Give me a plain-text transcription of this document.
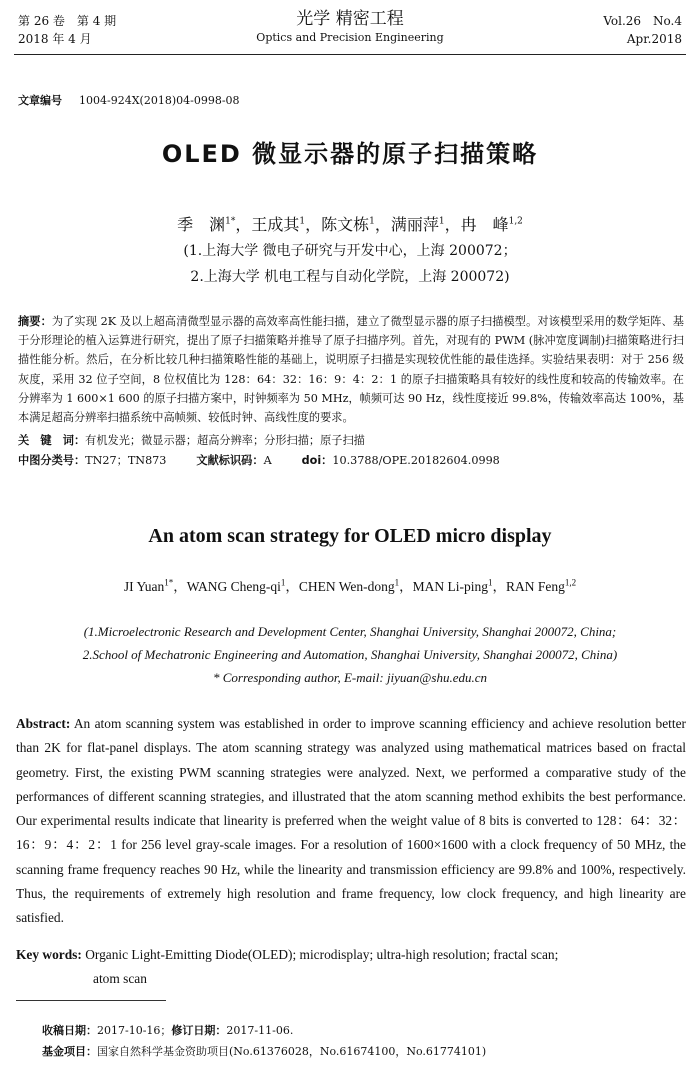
第 26 卷　第 4 期
2018 年 4 月
光学 精密工程
Optics and Precision Engineering
Vol.26　No.4
Apr.2018
文章编号 1004-924X(2018)04-0998-08
OLED 微显示器的原子扫描策略
季　渊$^{1*}$，王成其$^1$，陈文栋$^1$，满丽萍$^1$，冉　峰$^{1,2}$
(1.上海大学 微电子研究与开发中心，上海 200072；
2.上海大学 机电工程与自动化学院，上海 200072)
摘要：为了实现 2K 及以上超高清微型显示器的高效率高性能扫描，建立了微型显示器的原子扫描模型。对该模型采用的数学矩阵、基于分形理论的植入运算进行研究，提出了原子扫描策略并推导了原子扫描序列。首先，对现有的 PWM (脉冲宽度调制)扫描策略进行扫描性能分析。然后，在分析比较几种扫描策略性能的基础上，说明原子扫描是实现较优性能的最佳选择。实验结果表明：对于 256 级灰度，采用 32 位子空间，8 位权值比为 128：64：32：16：9：4：2：1 的原子扫描策略具有较好的线性度和较高的传输效率。在分辨率为 1 600×1 600 的原子扫描方案中，时钟频率为 50 MHz，帧频可达 90 Hz，线性度接近 99.8%，传输效率高达 100%，基本满足超高分辨率扫描系统中高帧频、较低时钟、高线性度的要求。
关　键　词：有机发光；微显示器；超高分辨率；分形扫描；原子扫描
中图分类号：TN27；TN873	文献标识码：A	doi：10.3788/OPE.20182604.0998
An atom scan strategy for OLED micro display
JI Yuan$^{1*}$，WANG Cheng-$qi^1$，CHEN Wen-dong$^1$，MAN Li-ping$^1$，RAN Feng$^{1,2}$
(1.Microelectronic Research and Development Center, Shanghai University, Shanghai 200072, China;
2.School of Mechatronic Engineering and Automation, Shanghai University, Shanghai 200072, China)
* Corresponding author, E-mail: jiyuan@shu.edu.cn
Abstract: An atom scanning system was established in order to improve scanning efficiency and achieve resolution better than 2K for flat-panel displays. The atom scanning strategy was analyzed using mathematical matrices based on fractal geometry. First, the existing PWM scanning strategies were analyzed. Next, we performed a comparative study of the performances of different scanning strategies, and illustrated that the atom scanning method exhibits the best performance. Our experimental results indicate that linearity is preferred when the weight value of 8 bits is converted to 128：64：32：16：9：4：2：1 for 256 level gray-scale images. For a resolution of 1600×1600 with a clock frequency of 50 MHz, the scanning frame frequency reaches 90 Hz, while the linearity and transmission efficiency are 99.8% and 100%, respectively. Thus, the requirements of extremely high resolution and frame frequency, low clock frequency, and high linearity are satisfied.
Key words: Organic Light-Emitting Diode(OLED); microdisplay; ultra-high resolution; fractal scan;
atom scan
收稿日期：2017-10-16；修订日期：2017-11-06.
基金项目：国家自然科学基金资助项目(No.61376028，No.61674100，No.61774101)
